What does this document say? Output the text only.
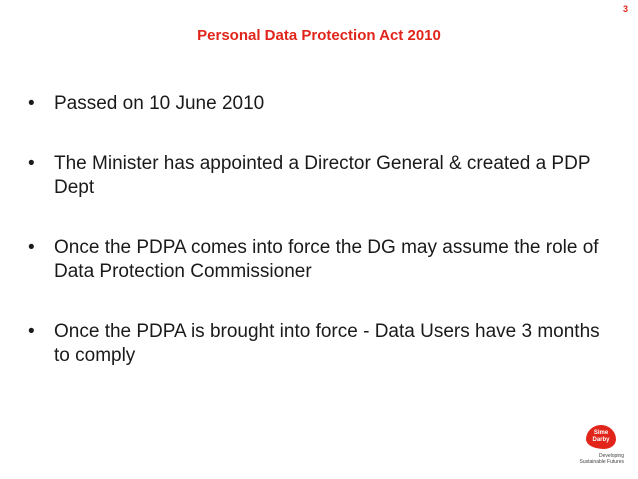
3
Personal Data Protection Act 2010
•	Passed on 10 June 2010
•	The Minister has appointed a Director General & created a PDP Dept
•	Once the PDPA comes into force the DG may assume the role of Data Protection Commissioner
•	Once the PDPA is brought into force - Data Users have 3 months to comply
Sime
Darby
Developing
Sustainable Futures
